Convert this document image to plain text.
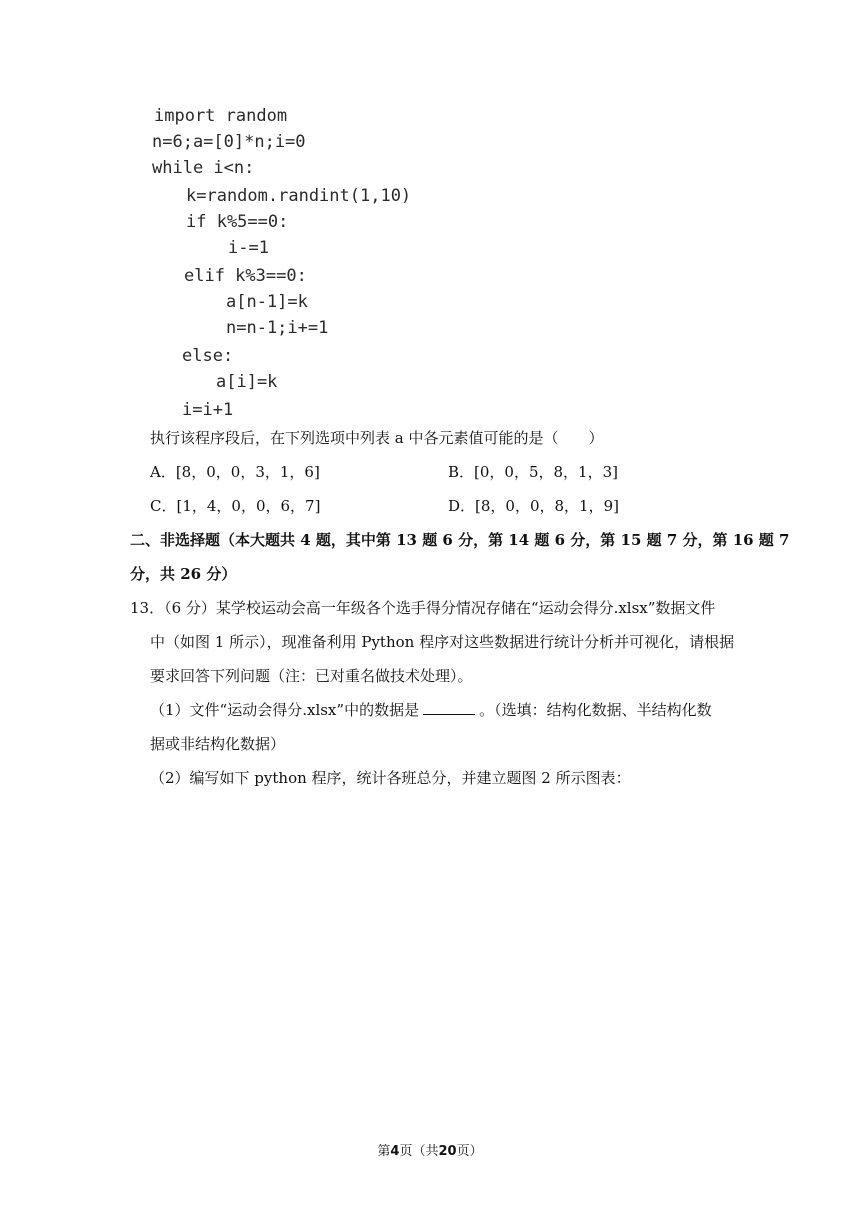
import random
n=6;a=[0]*n;i=0
while i<n:
k=random.randint(1,10)
if k%5==0:
i-=1
elif k%3==0:
a[n-1]=k
n=n-1;i+=1
else:
a[i]=k
i=i+1
执行该程序段后，在下列选项中列表 a 中各元素值可能的是（　　）
A．[8，0，0，3，1，6]	B．[0，0，5，8，1，3]
C．[1，4，0，0，6，7]	D．[8，0，0，8，1，9]
二、非选择题（本大题共 4 题，其中第 13 题 6 分，第 14 题 6 分，第 15 题 7 分，第 16 题 7
分，共 26 分）
13．（6 分）某学校运动会高一年级各个选手得分情况存储在“运动会得分.xlsx”数据文件
中（如图 1 所示），现准备利用 Python 程序对这些数据进行统计分析并可视化，请根据
要求回答下列问题（注：已对重名做技术处理）。
（1）文件“运动会得分.xlsx”中的数据是	。（选填：结构化数据、半结构化数
据或非结构化数据）
（2）编写如下 python 程序，统计各班总分，并建立题图 2 所示图表：
第4页（共20页）
